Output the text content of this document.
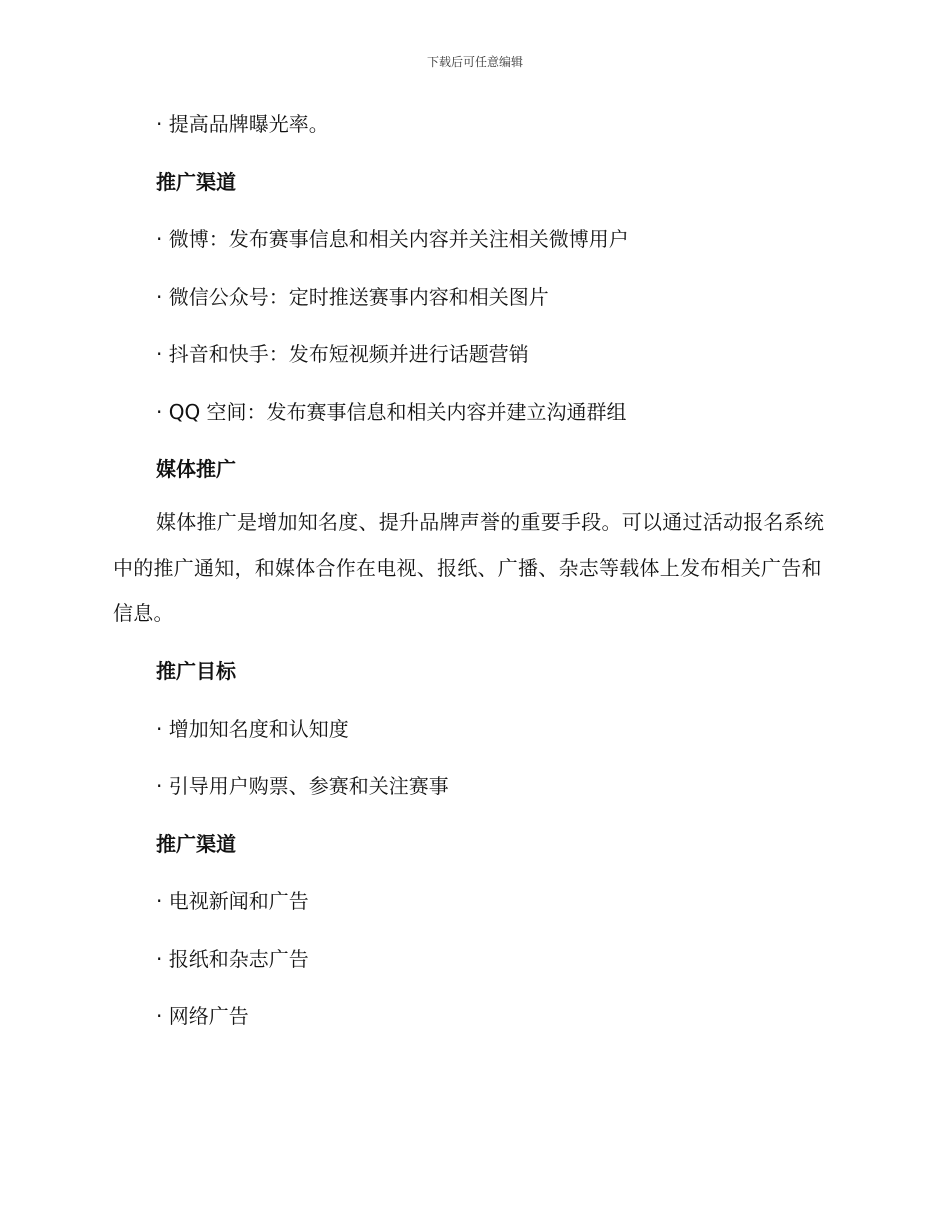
下载后可任意编辑

· 提高品牌曝光率。

推广渠道

· 微博：发布赛事信息和相关内容并关注相关微博用户

· 微信公众号：定时推送赛事内容和相关图片

· 抖音和快手：发布短视频并进行话题营销

· QQ 空间：发布赛事信息和相关内容并建立沟通群组

媒体推广

媒体推广是增加知名度、提升品牌声誉的重要手段。可以通过活动报名系统中的推广通知，和媒体合作在电视、报纸、广播、杂志等载体上发布相关广告和信息。

推广目标

· 增加知名度和认知度

· 引导用户购票、参赛和关注赛事

推广渠道

· 电视新闻和广告

· 报纸和杂志广告

· 网络广告
